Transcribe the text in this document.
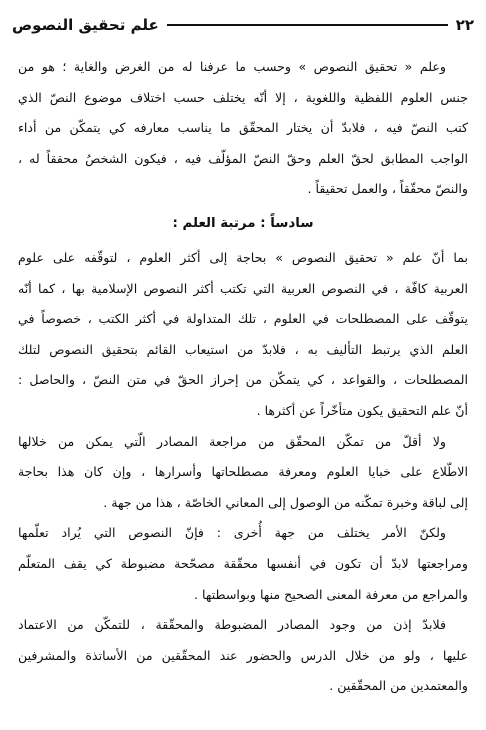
٢٢
علم تحقيق النصوص
وعلم « تحقيق النصوص » وحسب ما عرفنا له من الغرض والغاية ؛ هو من
جنس العلوم اللفظية واللغوية ، إلا أنّه يختلف حسب اختلاف موضوع النصّ الذي
كتب النصّ فيه ، فلابدّ أن يختار المحقّق ما يناسب معارفه كي يتمكّن من أداء
الواجب المطابق لحقّ العلم وحقّ النصّ المؤلّف فيه ، فيكون الشخصُ محققاً له ،
والنصّ محقّقاً ، والعمل تحقيقاً .
سادساً : مرتبة العلم :
بما أنّ علم « تحقيق النصوص » بحاجة إلى أكثر العلوم ، لتوقّفه على علوم
العربية كافّة ، في النصوص العربية التي تكتب أكثر النصوص الإسلامية بها ، كما أنّه
يتوقّف على المصطلحات في العلوم ، تلك المتداولة في أكثر الكتب ، خصوصاً في
العلم الذي يرتبط التأليف به ، فلابدّ من استيعاب القائم بتحقيق النصوص لتلك
المصطلحات ، والقواعد ، كي يتمكّن من إحراز الحقّ في متن النصّ ، والحاصل :
أنّ علم التحقيق يكون متأخّراً عن أكثرها .
ولا أقلّ من تمكّن المحقّق من مراجعة المصادر الّتي يمكن من خلالها
الاطّلاع على خبايا العلوم ومعرفة مصطلحاتها وأسرارها ، وإن كان هذا بحاجة
إلى لباقة وخبرة تمكّنه من الوصول إلى المعاني الخاصّة ، هذا من جهة .
ولكنّ الأمر يختلف من جهة أُخرى : فإنّ النصوص التي يُراد تعلّمها
ومراجعتها لابدّ أن تكون في أنفسها محقّقة مصحّحة مضبوطة كي يقف المتعلّم
والمراجع من معرفة المعنى الصحيح منها وبواسطتها .
فلابدّ إذن من وجود المصادر المضبوطة والمحقّقة ، للتمكّن من الاعتماد
عليها ، ولو من خلال الدرس والحضور عند المحقّقين من الأساتذة والمشرفين
والمعتمدين من المحقّقين .
